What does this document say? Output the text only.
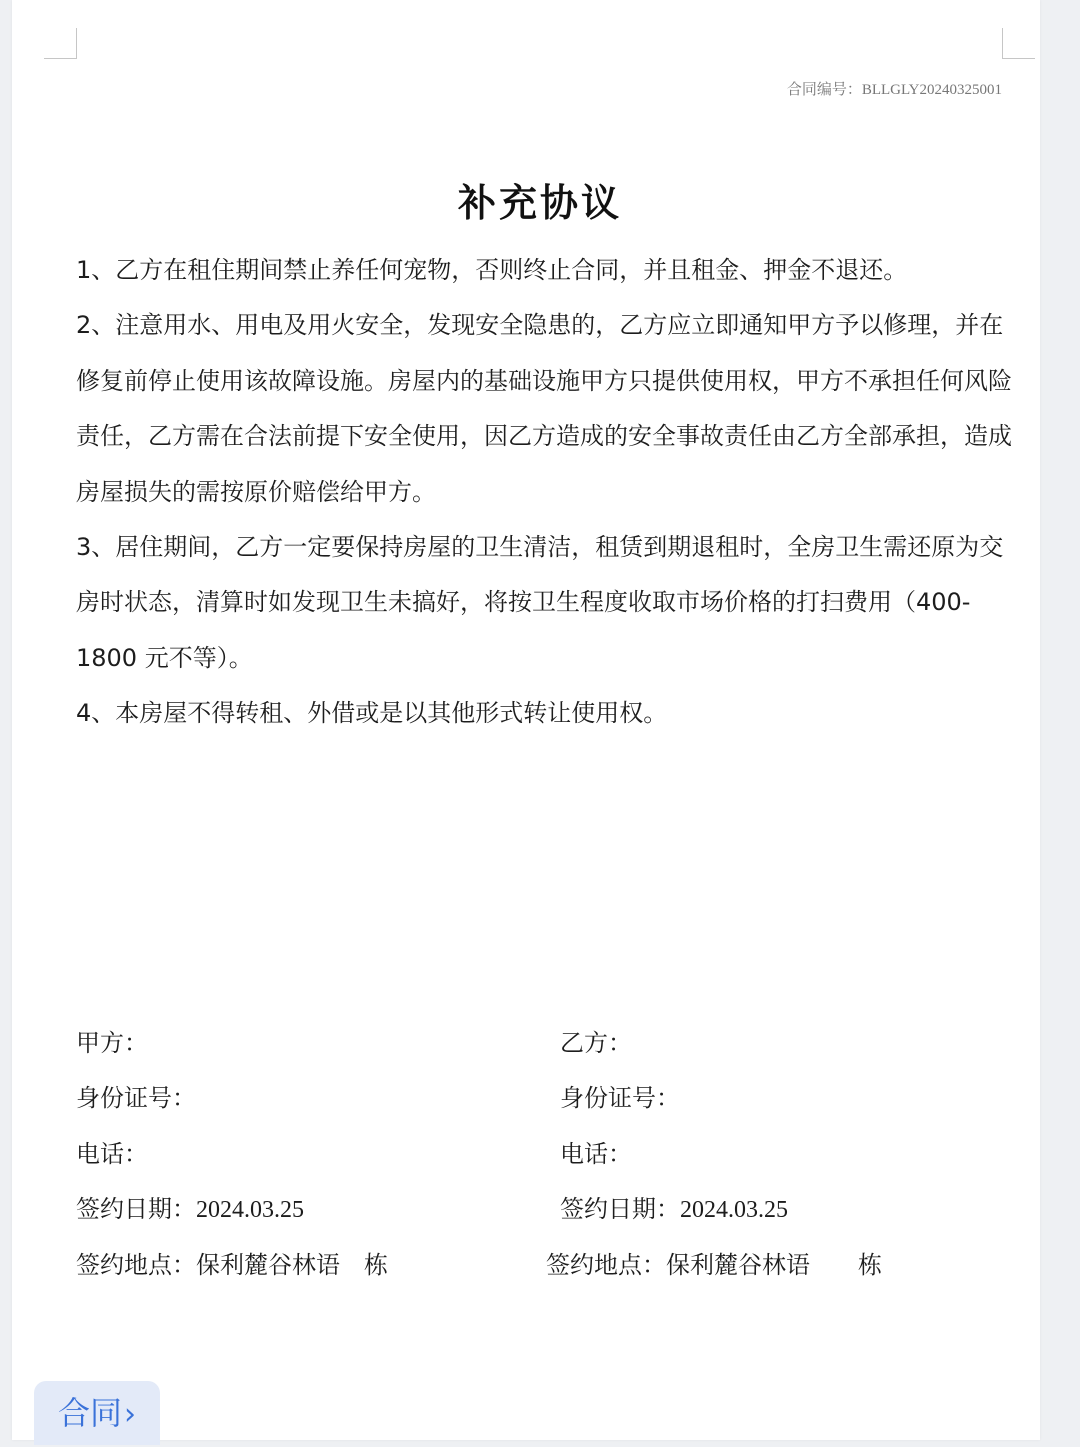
合同编号：BLLGLY20240325001
补充协议

1、乙方在租住期间禁止养任何宠物，否则终止合同，并且租金、押金不退还。

2、注意用水、用电及用火安全，发现安全隐患的，乙方应立即通知甲方予以修理，并在修复前停止使用该故障设施。房屋内的基础设施甲方只提供使用权，甲方不承担任何风险责任，乙方需在合法前提下安全使用，因乙方造成的安全事故责任由乙方全部承担，造成房屋损失的需按原价赔偿给甲方。

3、居住期间，乙方一定要保持房屋的卫生清洁，租赁到期退租时，全房卫生需还原为交房时状态，清算时如发现卫生未搞好，将按卫生程度收取市场价格的打扫费用（400-1800 元不等）。

4、本房屋不得转租、外借或是以其他形式转让使用权。

甲方：
身份证号：
电话：
签约日期：2024.03.25
签约地点：保利麓谷林语 栋
乙方：
身份证号：
电话：
签约日期：2024.03.25
签约地点：保利麓谷林语 栋
合同›
